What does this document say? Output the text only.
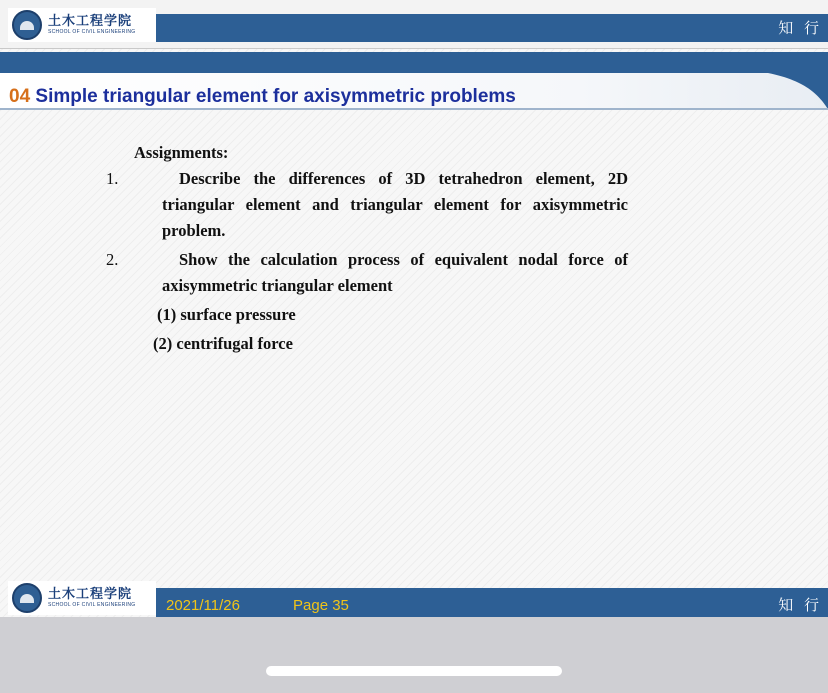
土木工程学院
SCHOOL OF CIVIL ENGINEERING	知 行
04 Simple triangular element for axisymmetric problems
Assignments:
1.	Describe the differences of 3D tetrahedron element, 2D triangular element and triangular element for axisymmetric problem.
2.	Show the calculation process of equivalent nodal force of axisymmetric triangular element
(1) surface pressure
(2) centrifugal force
土木工程学院
SCHOOL OF CIVIL ENGINEERING 2021/11/26	Page 35	知 行
